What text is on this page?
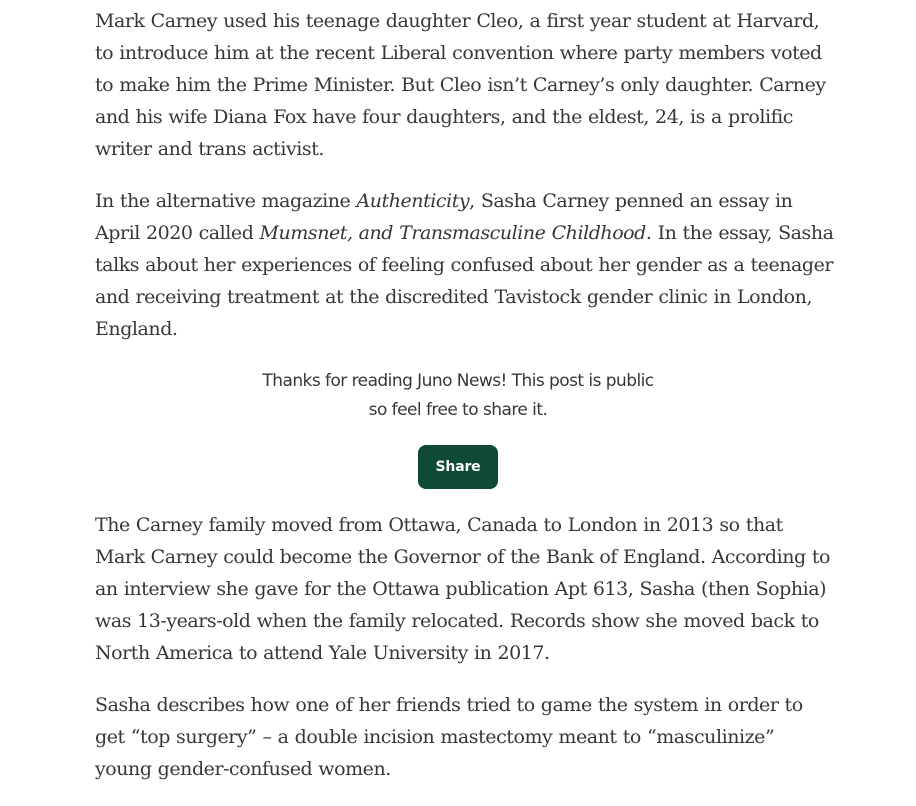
Mark Carney used his teenage daughter Cleo, a first year student at Harvard, to introduce him at the recent Liberal convention where party members voted to make him the Prime Minister. But Cleo isn’t Carney’s only daughter. Carney and his wife Diana Fox have four daughters, and the eldest, 24, is a prolific writer and trans activist.

In the alternative magazine Authenticity, Sasha Carney penned an essay in April 2020 called Mumsnet, and Transmasculine Childhood. In the essay, Sasha talks about her experiences of feeling confused about her gender as a teenager and receiving treatment at the discredited Tavistock gender clinic in London, England.

Thanks for reading Juno News! This post is public so feel free to share it.
Share

The Carney family moved from Ottawa, Canada to London in 2013 so that Mark Carney could become the Governor of the Bank of England. According to an interview she gave for the Ottawa publication Apt 613, Sasha (then Sophia) was 13-years-old when the family relocated. Records show she moved back to North America to attend Yale University in 2017.

Sasha describes how one of her friends tried to game the system in order to get “top surgery” – a double incision mastectomy meant to “masculinize” young gender-confused women.
